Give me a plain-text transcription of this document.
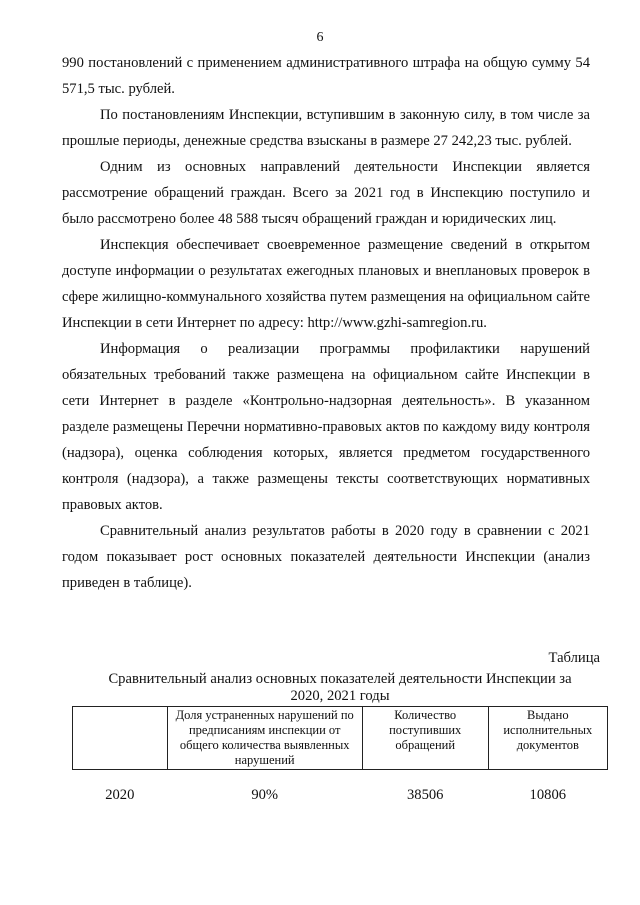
6

990 постановлений с применением административного штрафа на общую сумму 54 571,5 тыс. рублей.

По постановлениям Инспекции, вступившим в законную силу, в том числе за прошлые периоды, денежные средства взысканы в размере 27 242,23 тыс. рублей.

Одним из основных направлений деятельности Инспекции является рассмотрение обращений граждан. Всего за 2021 год в Инспекцию поступило и было рассмотрено более 48 588 тысяч обращений граждан и юридических лиц.

Инспекция обеспечивает своевременное размещение сведений в открытом доступе информации о результатах ежегодных плановых и внеплановых проверок в сфере жилищно-коммунального хозяйства путем размещения на официальном сайте Инспекции в сети Интернет по адресу: http://www.gzhi-samregion.ru.

Информация о реализации программы профилактики нарушений обязательных требований также размещена на официальном сайте Инспекции в сети Интернет в разделе «Контрольно-надзорная деятельность». В указанном разделе размещены Перечни нормативно-правовых актов по каждому виду контроля (надзора), оценка соблюдения которых, является предметом государственного контроля (надзора), а также размещены тексты соответствующих нормативных правовых актов.

Сравнительный анализ результатов работы в 2020 году в сравнении с 2021 годом показывает рост основных показателей деятельности Инспекции (анализ приведен в таблице).

Таблица
Сравнительный анализ основных показателей деятельности Инспекции за
2020, 2021 годы
	Доля устраненных нарушений по предписаниям инспекции от общего количества выявленных нарушений	Количество поступивших обращений	Выдано исполнительных документов
2020	90%	38506	10806
